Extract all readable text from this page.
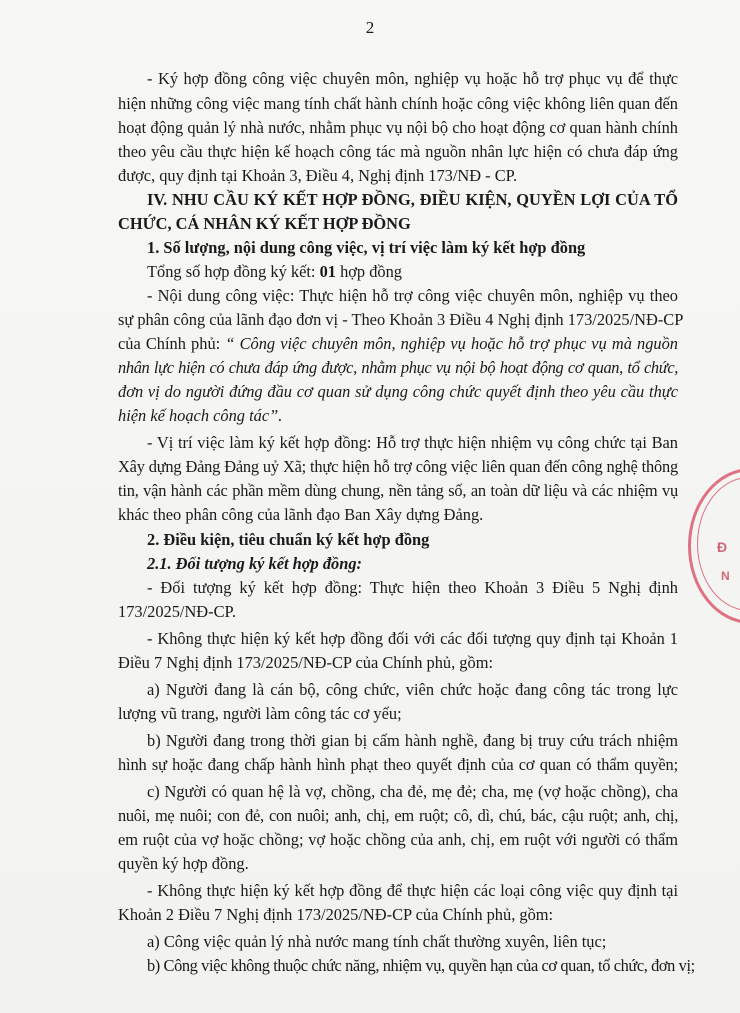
2
- Ký hợp đồng công việc chuyên môn, nghiệp vụ hoặc hỗ trợ phục vụ để thực
hiện những công việc mang tính chất hành chính hoặc công việc không liên quan đến
hoạt động quản lý nhà nước, nhằm phục vụ nội bộ cho hoạt động cơ quan hành chính
theo yêu cầu thực hiện kế hoạch công tác mà nguồn nhân lực hiện có chưa đáp ứng
được, quy định tại Khoản 3, Điều 4, Nghị định 173/NĐ - CP.
IV. NHU CẦU KÝ KẾT HỢP ĐỒNG, ĐIỀU KIỆN, QUYỀN LỢI CỦA TỔ
CHỨC, CÁ NHÂN KÝ KẾT HỢP ĐỒNG
1. Số lượng, nội dung công việc, vị trí việc làm ký kết hợp đồng
Tổng số hợp đồng ký kết: 01 hợp đồng
- Nội dung công việc: Thực hiện hỗ trợ công việc chuyên môn, nghiệp vụ theo
sự phân công của lãnh đạo đơn vị - Theo Khoản 3 Điều 4 Nghị định 173/2025/NĐ-CP
của Chính phủ: “ Công việc chuyên môn, nghiệp vụ hoặc hỗ trợ phục vụ mà nguồn
nhân lực hiện có chưa đáp ứng được, nhằm phục vụ nội bộ hoạt động cơ quan, tổ chức,
đơn vị do người đứng đầu cơ quan sử dụng công chức quyết định theo yêu cầu thực
hiện kế hoạch công tác”.
- Vị trí việc làm ký kết hợp đồng: Hỗ trợ thực hiện nhiệm vụ công chức tại Ban
Xây dựng Đảng Đảng uỷ Xã; thực hiện hỗ trợ công việc liên quan đến công nghệ thông
tin, vận hành các phần mềm dùng chung, nền tảng số, an toàn dữ liệu và các nhiệm vụ
khác theo phân công của lãnh đạo Ban Xây dựng Đảng.
2. Điều kiện, tiêu chuẩn ký kết hợp đồng
2.1. Đối tượng ký kết hợp đồng:
- Đối tượng ký kết hợp đồng: Thực hiện theo Khoản 3 Điều 5 Nghị định
173/2025/NĐ-CP.
- Không thực hiện ký kết hợp đồng đối với các đối tượng quy định tại Khoản 1
Điều 7 Nghị định 173/2025/NĐ-CP của Chính phủ, gồm:
a) Người đang là cán bộ, công chức, viên chức hoặc đang công tác trong lực
lượng vũ trang, người làm công tác cơ yếu;
b) Người đang trong thời gian bị cấm hành nghề, đang bị truy cứu trách nhiệm
hình sự hoặc đang chấp hành hình phạt theo quyết định của cơ quan có thẩm quyền;
c) Người có quan hệ là vợ, chồng, cha đẻ, mẹ đẻ; cha, mẹ (vợ hoặc chồng), cha
nuôi, mẹ nuôi; con đẻ, con nuôi; anh, chị, em ruột; cô, dì, chú, bác, cậu ruột; anh, chị,
em ruột của vợ hoặc chồng; vợ hoặc chồng của anh, chị, em ruột với người có thẩm
quyền ký hợp đồng.
- Không thực hiện ký kết hợp đồng để thực hiện các loại công việc quy định tại
Khoản 2 Điều 7 Nghị định 173/2025/NĐ-CP của Chính phủ, gồm:
a) Công việc quản lý nhà nước mang tính chất thường xuyên, liên tục;
b) Công việc không thuộc chức năng, nhiệm vụ, quyền hạn của cơ quan, tổ chức, đơn vị;
Đ
N
